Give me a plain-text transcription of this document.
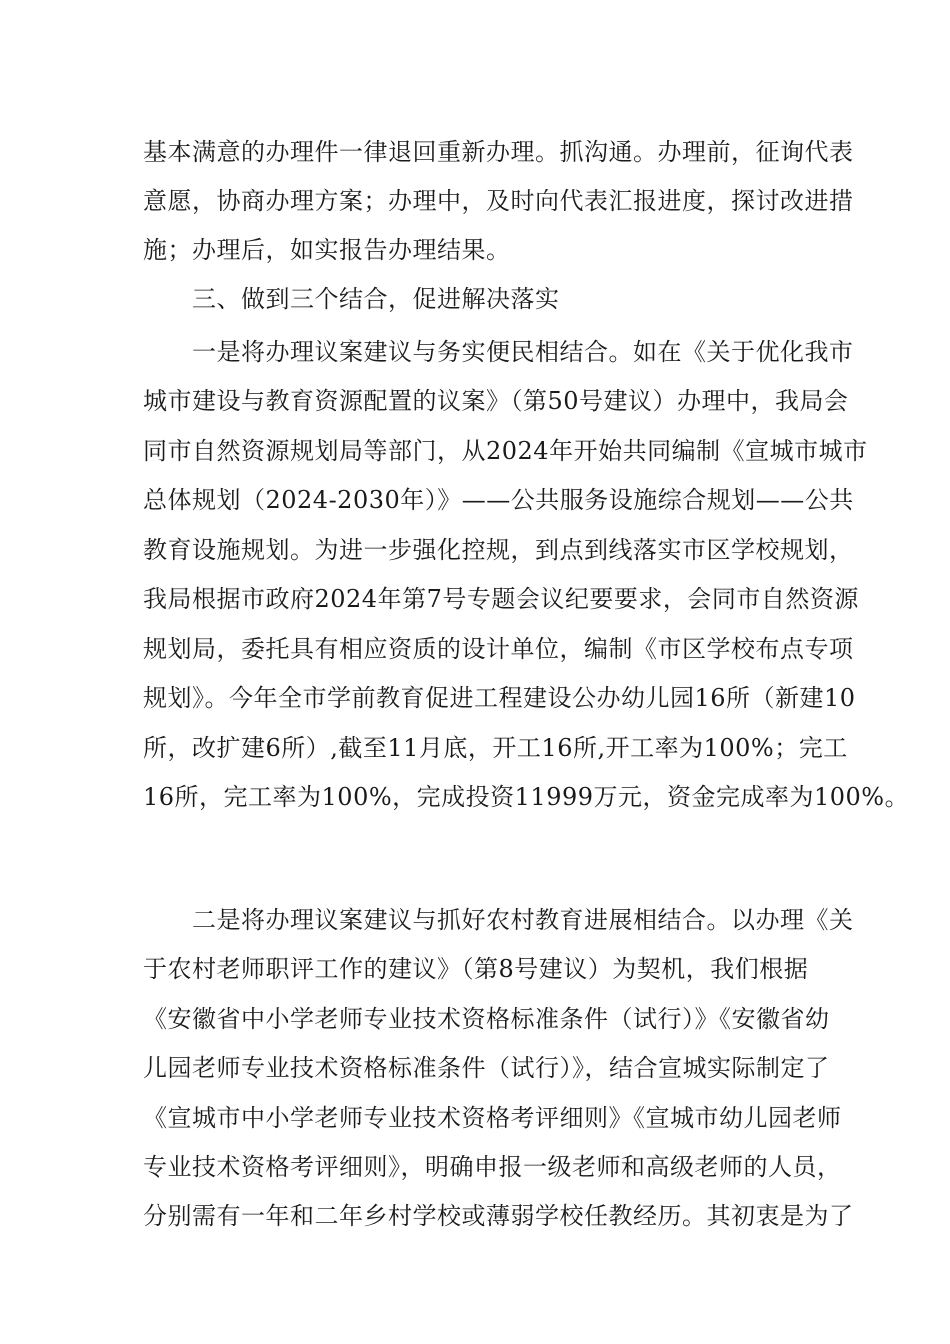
基本满意的办理件一律退回重新办理。抓沟通。办理前，征询代表
意愿，协商办理方案；办理中，及时向代表汇报进度，探讨改进措
施；办理后，如实报告办理结果。
三、做到三个结合，促进解决落实
一是将办理议案建议与务实便民相结合。如在《关于优化我市
城市建设与教育资源配置的议案》（第50号建议）办理中，我局会
同市自然资源规划局等部门，从2024年开始共同编制《宣城市城市
总体规划（2024-2030年）》——公共服务设施综合规划——公共
教育设施规划。为进一步强化控规，到点到线落实市区学校规划，
我局根据市政府2024年第7号专题会议纪要要求，会同市自然资源
规划局，委托具有相应资质的设计单位，编制《市区学校布点专项
规划》。今年全市学前教育促进工程建设公办幼儿园16所（新建10
所，改扩建6所）,截至11月底，开工16所,开工率为100%；完工
16所，完工率为100%，完成投资11999万元，资金完成率为100%。
二是将办理议案建议与抓好农村教育进展相结合。以办理《关
于农村老师职评工作的建议》（第8号建议）为契机，我们根据
《安徽省中小学老师专业技术资格标准条件（试行）》《安徽省幼
儿园老师专业技术资格标准条件（试行）》，结合宣城实际制定了
《宣城市中小学老师专业技术资格考评细则》《宣城市幼儿园老师
专业技术资格考评细则》，明确申报一级老师和高级老师的人员，
分别需有一年和二年乡村学校或薄弱学校任教经历。其初衷是为了
